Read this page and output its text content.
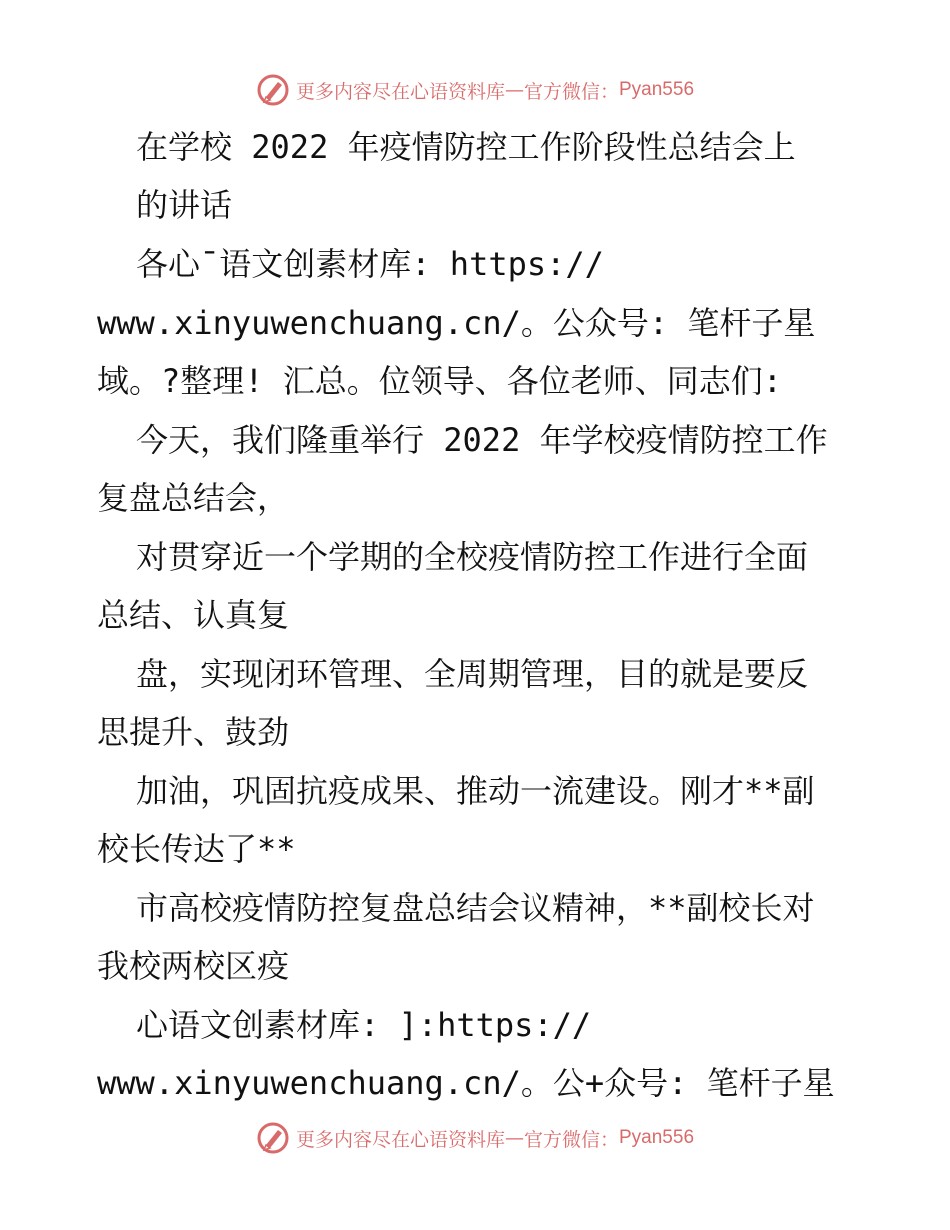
更多内容尽在心语资料库 — 官方微信： Pyan556
在学校 2022 年疫情防控工作阶段性总结会上
的讲话
各心¯语文创素材库: https://
www.xinyuwenchuang.cn/。公众号: 笔杆子星
域。?整理! 汇总。位领导、各位老师、同志们:
今天，我们隆重举行 2022 年学校疫情防控工作
复盘总结会，
对贯穿近一个学期的全校疫情防控工作进行全面
总结、认真复
盘，实现闭环管理、全周期管理，目的就是要反
思提升、鼓劲
加油，巩固抗疫成果、推动一流建设。刚才**副
校长传达了**
市高校疫情防控复盘总结会议精神，**副校长对
我校两校区疫
心语文创素材库: ]:https://
www.xinyuwenchuang.cn/。公+众号: 笔杆子星
更多内容尽在心语资料库 — 官方微信： Pyan556
